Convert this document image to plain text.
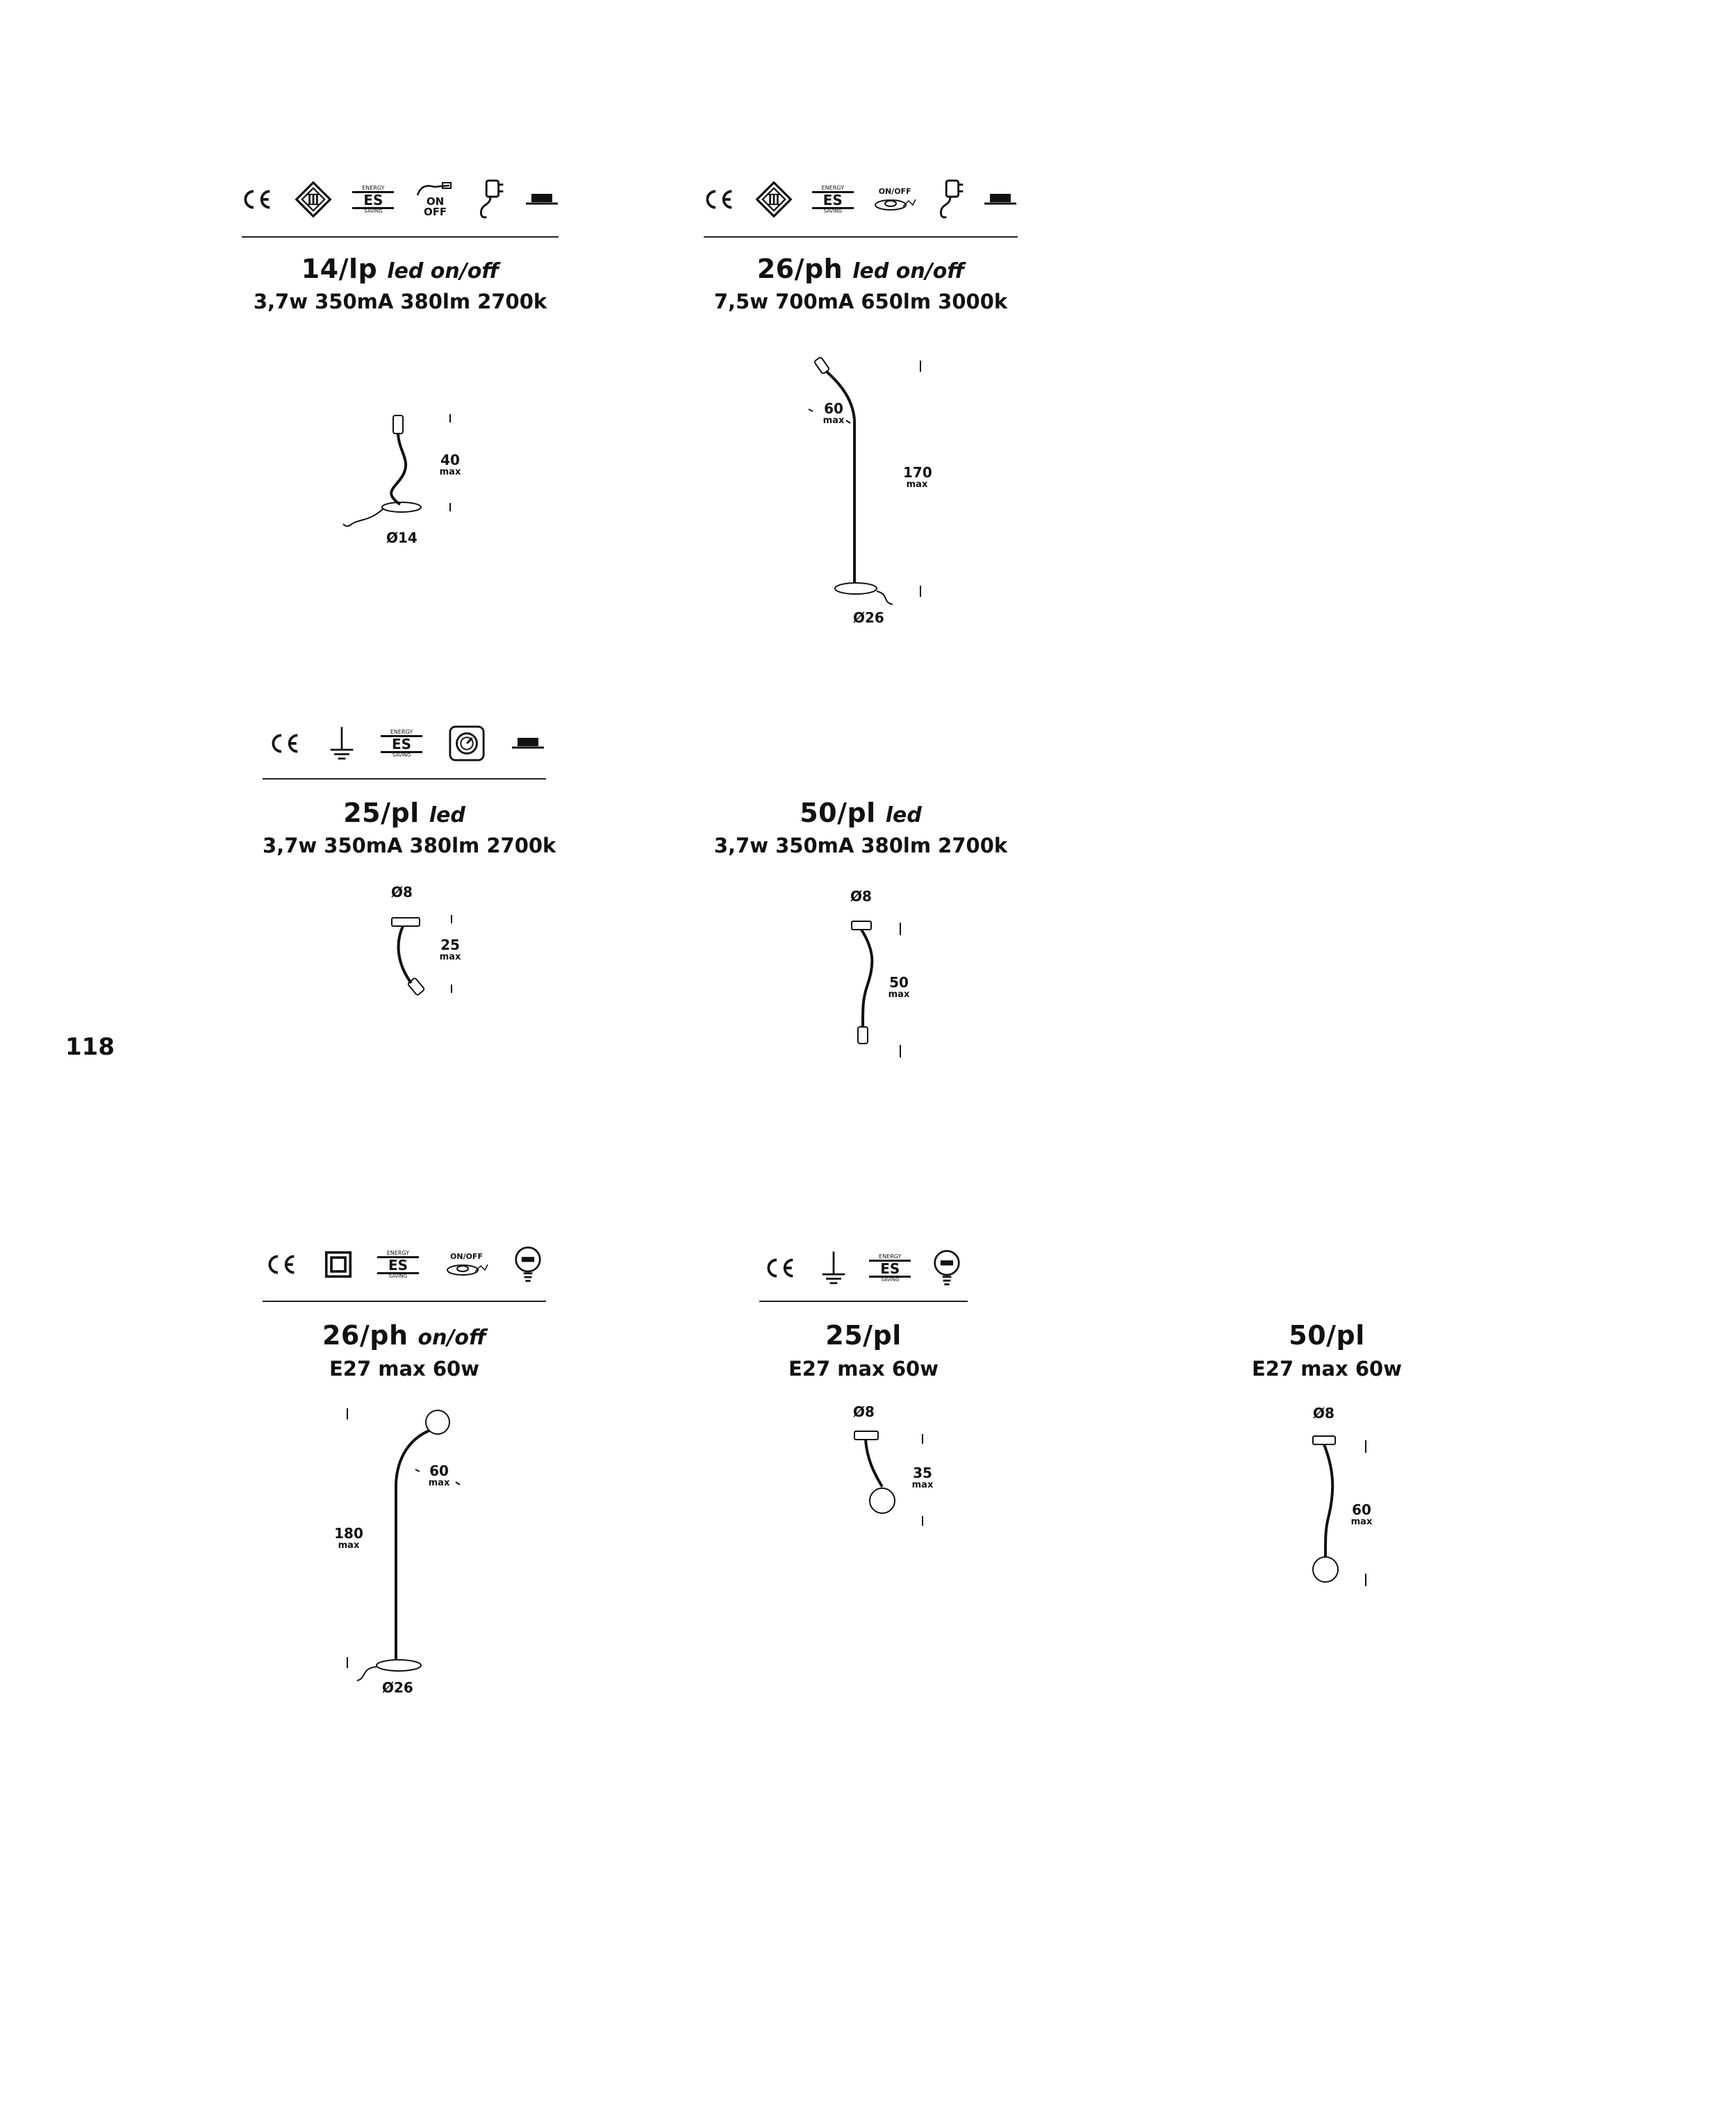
ENERGY
ES
SAVING
ON OFF
14/lp led on/off
3,7w 350mA 380lm 2700k
40
max
Ø14
ENERGY
ES
SAVING
ON/OFF
26/ph led on/off
7,5w 700mA 650lm 3000k
60
max
170
max
Ø26
ENERGY
ES
SAVING
25/pl led
3,7w 350mA 380lm 2700k
Ø8
25
max
50/pl led
3,7w 350mA 380lm 2700k
Ø8
50
max
118
ENERGY
ES
SAVING
ON/OFF
26/ph on/off
E27 max 60w
60
max
180
max
Ø26
ENERGY
ES
SAVING
25/pl
E27 max 60w
Ø8
35
max
50/pl
E27 max 60w
Ø8
60
max
